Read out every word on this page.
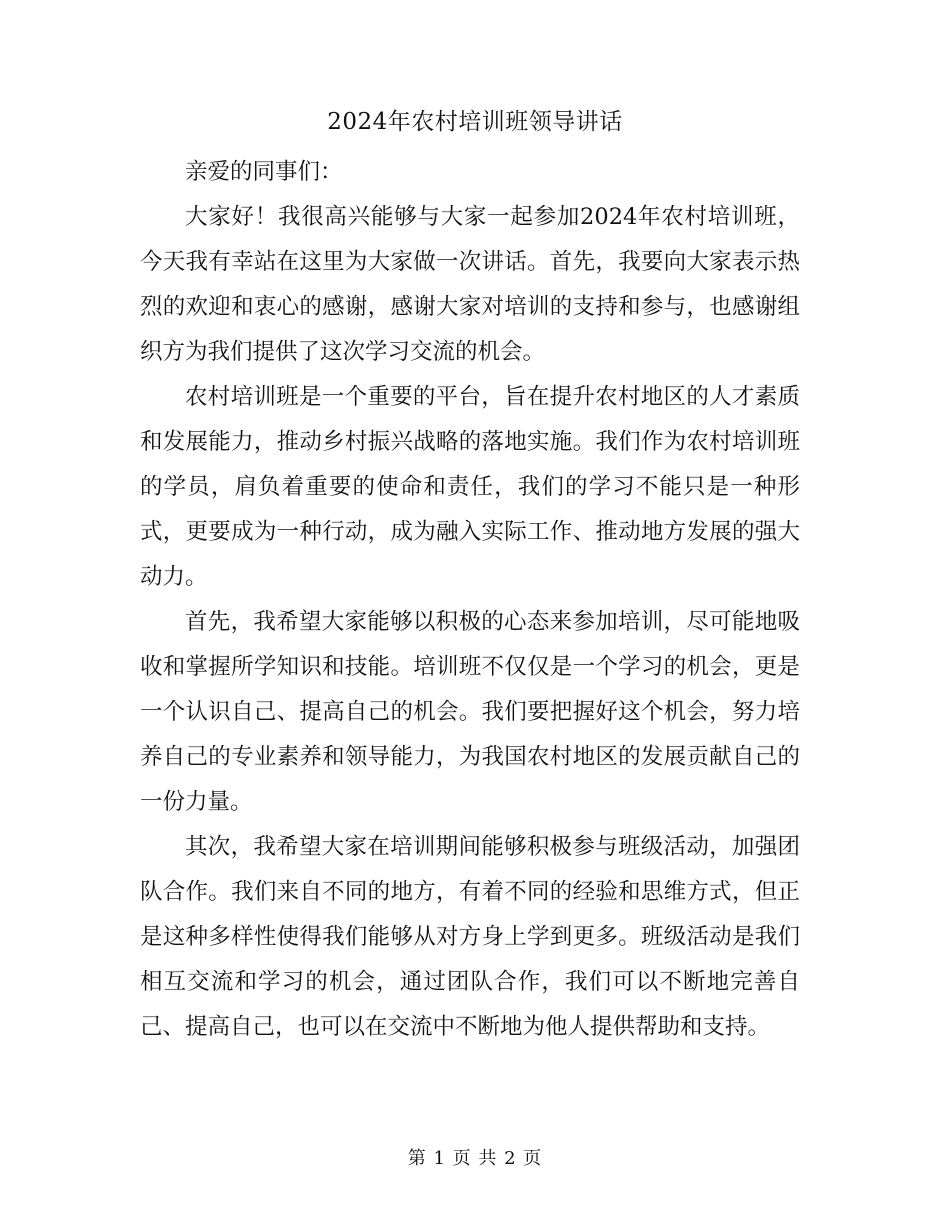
2024年农村培训班领导讲话

亲爱的同事们：

大家好！我很高兴能够与大家一起参加2024年农村培训班，今天我有幸站在这里为大家做一次讲话。首先，我要向大家表示热烈的欢迎和衷心的感谢，感谢大家对培训的支持和参与，也感谢组织方为我们提供了这次学习交流的机会。

农村培训班是一个重要的平台，旨在提升农村地区的人才素质和发展能力，推动乡村振兴战略的落地实施。我们作为农村培训班的学员，肩负着重要的使命和责任，我们的学习不能只是一种形式，更要成为一种行动，成为融入实际工作、推动地方发展的强大动力。

首先，我希望大家能够以积极的心态来参加培训，尽可能地吸收和掌握所学知识和技能。培训班不仅仅是一个学习的机会，更是一个认识自己、提高自己的机会。我们要把握好这个机会，努力培养自己的专业素养和领导能力，为我国农村地区的发展贡献自己的一份力量。

其次，我希望大家在培训期间能够积极参与班级活动，加强团队合作。我们来自不同的地方，有着不同的经验和思维方式，但正是这种多样性使得我们能够从对方身上学到更多。班级活动是我们相互交流和学习的机会，通过团队合作，我们可以不断地完善自己、提高自己，也可以在交流中不断地为他人提供帮助和支持。

第 1 页 共 2 页
